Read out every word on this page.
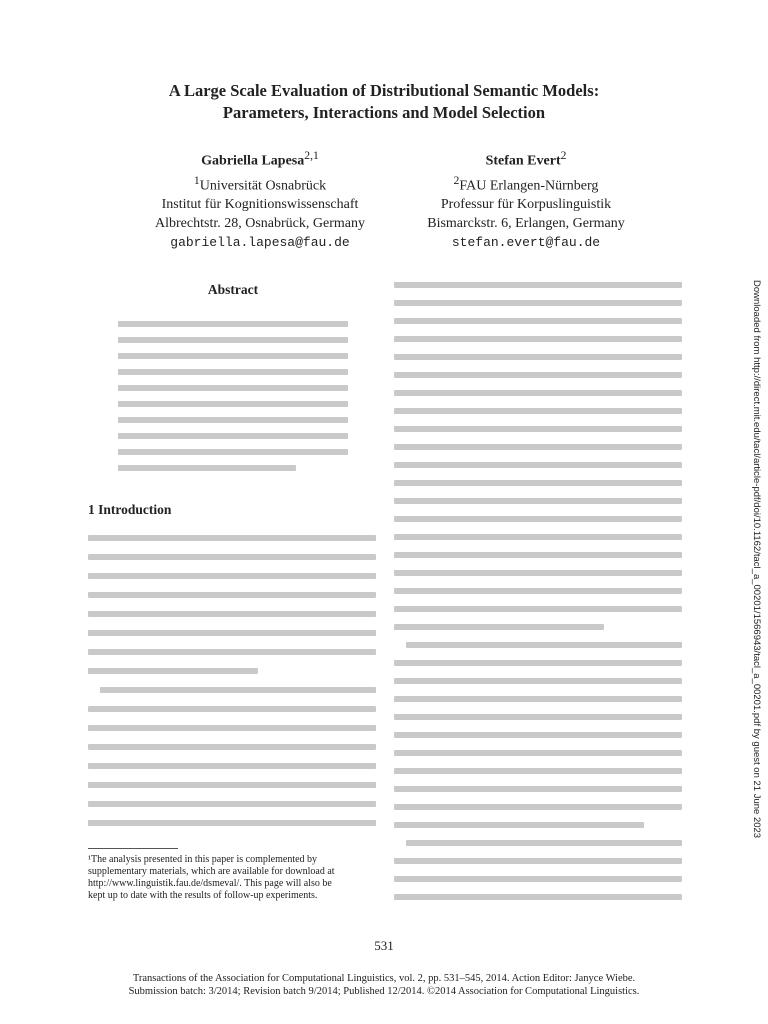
A Large Scale Evaluation of Distributional Semantic Models:
Parameters, Interactions and Model Selection
Gabriella Lapesa$^{2,1}$
$^1$Universität Osnabrück
Institut für Kognitionswissenschaft
Albrechtstr. 28, Osnabrück, Germany
gabriella.lapesa@fau.de
Stefan Evert$^2$
$^2$FAU Erlangen-Nürnberg
Professur für Korpuslinguistik
Bismarckstr. 6, Erlangen, Germany
stefan.evert@fau.de
Abstract
1 Introduction
¹The analysis presented in this paper is complemented by
supplementary materials, which are available for download at
http://www.linguistik.fau.de/dsmeval/. This page will also be
kept up to date with the results of follow-up experiments.
Downloaded from http://direct.mit.edu/tacl/article-pdf/doi/10.1162/tacl_a_00201/1566943/tacl_a_00201.pdf by guest on 21 June 2023
531
Transactions of the Association for Computational Linguistics, vol. 2, pp. 531–545, 2014. Action Editor: Janyce Wiebe.
Submission batch: 3/2014; Revision batch 9/2014; Published 12/2014. ©2014 Association for Computational Linguistics.
